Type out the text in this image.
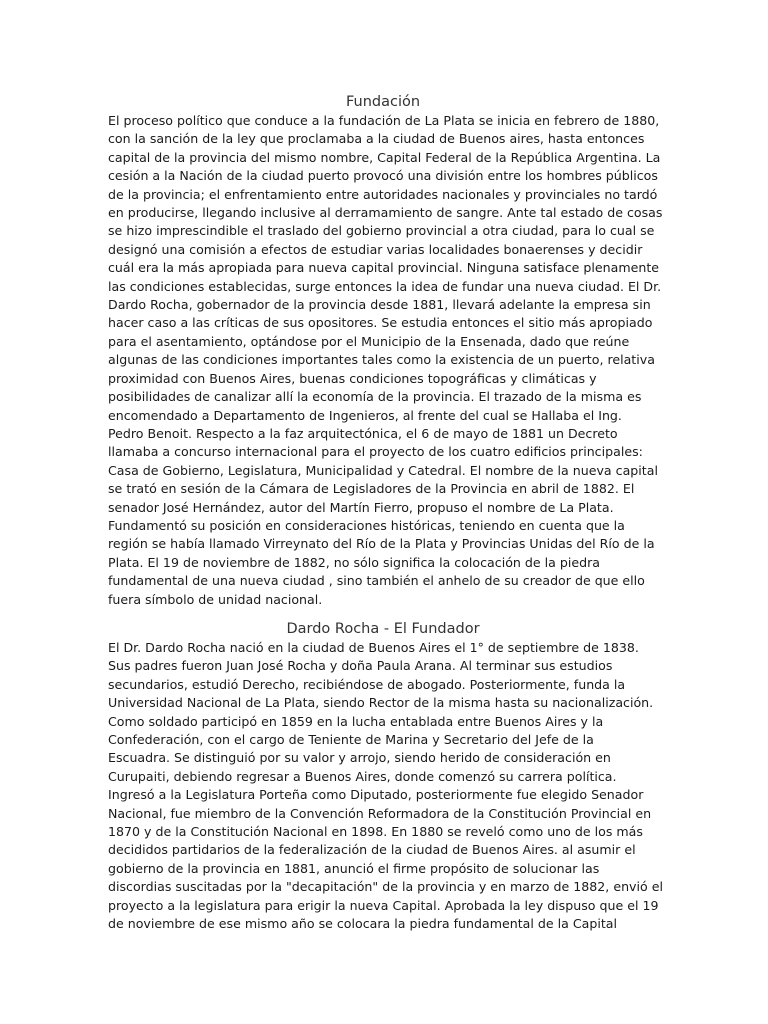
Fundación

El proceso político que conduce a la fundación de La Plata se inicia en febrero de 1880,
con la sanción de la ley que proclamaba a la ciudad de Buenos aires, hasta entonces
capital de la provincia del mismo nombre, Capital Federal de la República Argentina. La
cesión a la Nación de la ciudad puerto provocó una división entre los hombres públicos
de la provincia; el enfrentamiento entre autoridades nacionales y provinciales no tardó
en producirse, llegando inclusive al derramamiento de sangre. Ante tal estado de cosas
se hizo imprescindible el traslado del gobierno provincial a otra ciudad, para lo cual se
designó una comisión a efectos de estudiar varias localidades bonaerenses y decidir
cuál era la más apropiada para nueva capital provincial. Ninguna satisface plenamente
las condiciones establecidas, surge entonces la idea de fundar una nueva ciudad. El Dr.
Dardo Rocha, gobernador de la provincia desde 1881, llevará adelante la empresa sin
hacer caso a las críticas de sus opositores. Se estudia entonces el sitio más apropiado
para el asentamiento, optándose por el Municipio de la Ensenada, dado que reúne
algunas de las condiciones importantes tales como la existencia de un puerto, relativa
proximidad con Buenos Aires, buenas condiciones topográficas y climáticas y
posibilidades de canalizar allí la economía de la provincia. El trazado de la misma es
encomendado a Departamento de Ingenieros, al frente del cual se Hallaba el Ing.
Pedro Benoit. Respecto a la faz arquitectónica, el 6 de mayo de 1881 un Decreto
llamaba a concurso internacional para el proyecto de los cuatro edificios principales:
Casa de Gobierno, Legislatura, Municipalidad y Catedral. El nombre de la nueva capital
se trató en sesión de la Cámara de Legisladores de la Provincia en abril de 1882. El
senador José Hernández, autor del Martín Fierro, propuso el nombre de La Plata.
Fundamentó su posición en consideraciones históricas, teniendo en cuenta que la
región se había llamado Virreynato del Río de la Plata y Provincias Unidas del Río de la
Plata. El 19 de noviembre de 1882, no sólo significa la colocación de la piedra
fundamental de una nueva ciudad , sino también el anhelo de su creador de que ello
fuera símbolo de unidad nacional.

Dardo Rocha - El Fundador

El Dr. Dardo Rocha nació en la ciudad de Buenos Aires el 1° de septiembre de 1838.
Sus padres fueron Juan José Rocha y doña Paula Arana. Al terminar sus estudios
secundarios, estudió Derecho, recibiéndose de abogado. Posteriormente, funda la
Universidad Nacional de La Plata, siendo Rector de la misma hasta su nacionalización.
Como soldado participó en 1859 en la lucha entablada entre Buenos Aires y la
Confederación, con el cargo de Teniente de Marina y Secretario del Jefe de la
Escuadra. Se distinguió por su valor y arrojo, siendo herido de consideración en
Curupaiti, debiendo regresar a Buenos Aires, donde comenzó su carrera política.
Ingresó a la Legislatura Porteña como Diputado, posteriormente fue elegido Senador
Nacional, fue miembro de la Convención Reformadora de la Constitución Provincial en
1870 y de la Constitución Nacional en 1898. En 1880 se reveló como uno de los más
decididos partidarios de la federalización de la ciudad de Buenos Aires. al asumir el
gobierno de la provincia en 1881, anunció el firme propósito de solucionar las
discordias suscitadas por la "decapitación" de la provincia y en marzo de 1882, envió el
proyecto a la legislatura para erigir la nueva Capital. Aprobada la ley dispuso que el 19
de noviembre de ese mismo año se colocara la piedra fundamental de la Capital
